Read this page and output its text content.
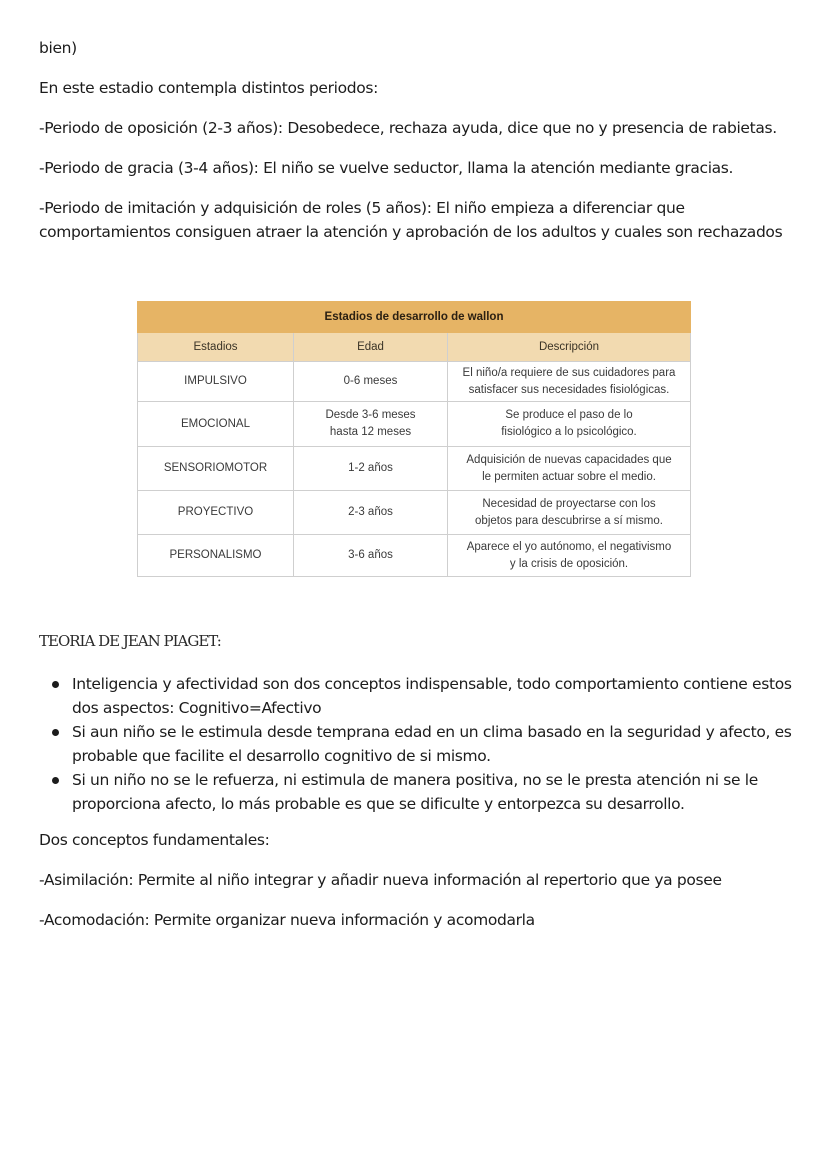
bien)
En este estadio contempla distintos periodos:
-Periodo de oposición (2-3 años): Desobedece, rechaza ayuda, dice que no y presencia de rabietas.
-Periodo de gracia (3-4 años): El niño se vuelve seductor, llama la atención mediante gracias.
-Periodo de imitación y adquisición de roles (5 años): El niño empieza a diferenciar que comportamientos consiguen atraer la atención y aprobación de los adultos y cuales son rechazados
Estadios de desarrollo de wallon		
Estadios	Edad	Descripción
IMPULSIVO	0-6 meses	El niño/a requiere de sus cuidadores para
satisfacer sus necesidades fisiológicas.
EMOCIONAL	Desde 3-6 meses
hasta 12 meses	Se produce el paso de lo
fisiológico a lo psicológico.
SENSORIOMOTOR	1-2 años	Adquisición de nuevas capacidades que
le permiten actuar sobre el medio.
PROYECTIVO	2-3 años	Necesidad de proyectarse con los
objetos para descubrirse a sí mismo.
PERSONALISMO	3-6 años	Aparece el yo autónomo, el negativismo
y la crisis de oposición.
TEORIA DE JEAN PIAGET:
Inteligencia y afectividad son dos conceptos indispensable, todo comportamiento contiene estos dos aspectos: Cognitivo=Afectivo
Si aun niño se le estimula desde temprana edad en un clima basado en la seguridad y afecto, es probable que facilite el desarrollo cognitivo de si mismo.
Si un niño no se le refuerza, ni estimula de manera positiva, no se le presta atención ni se le proporciona afecto, lo más probable es que se dificulte y entorpezca su desarrollo.
Dos conceptos fundamentales:
-Asimilación: Permite al niño integrar y añadir nueva información al repertorio que ya posee
-Acomodación: Permite organizar nueva información y acomodarla
